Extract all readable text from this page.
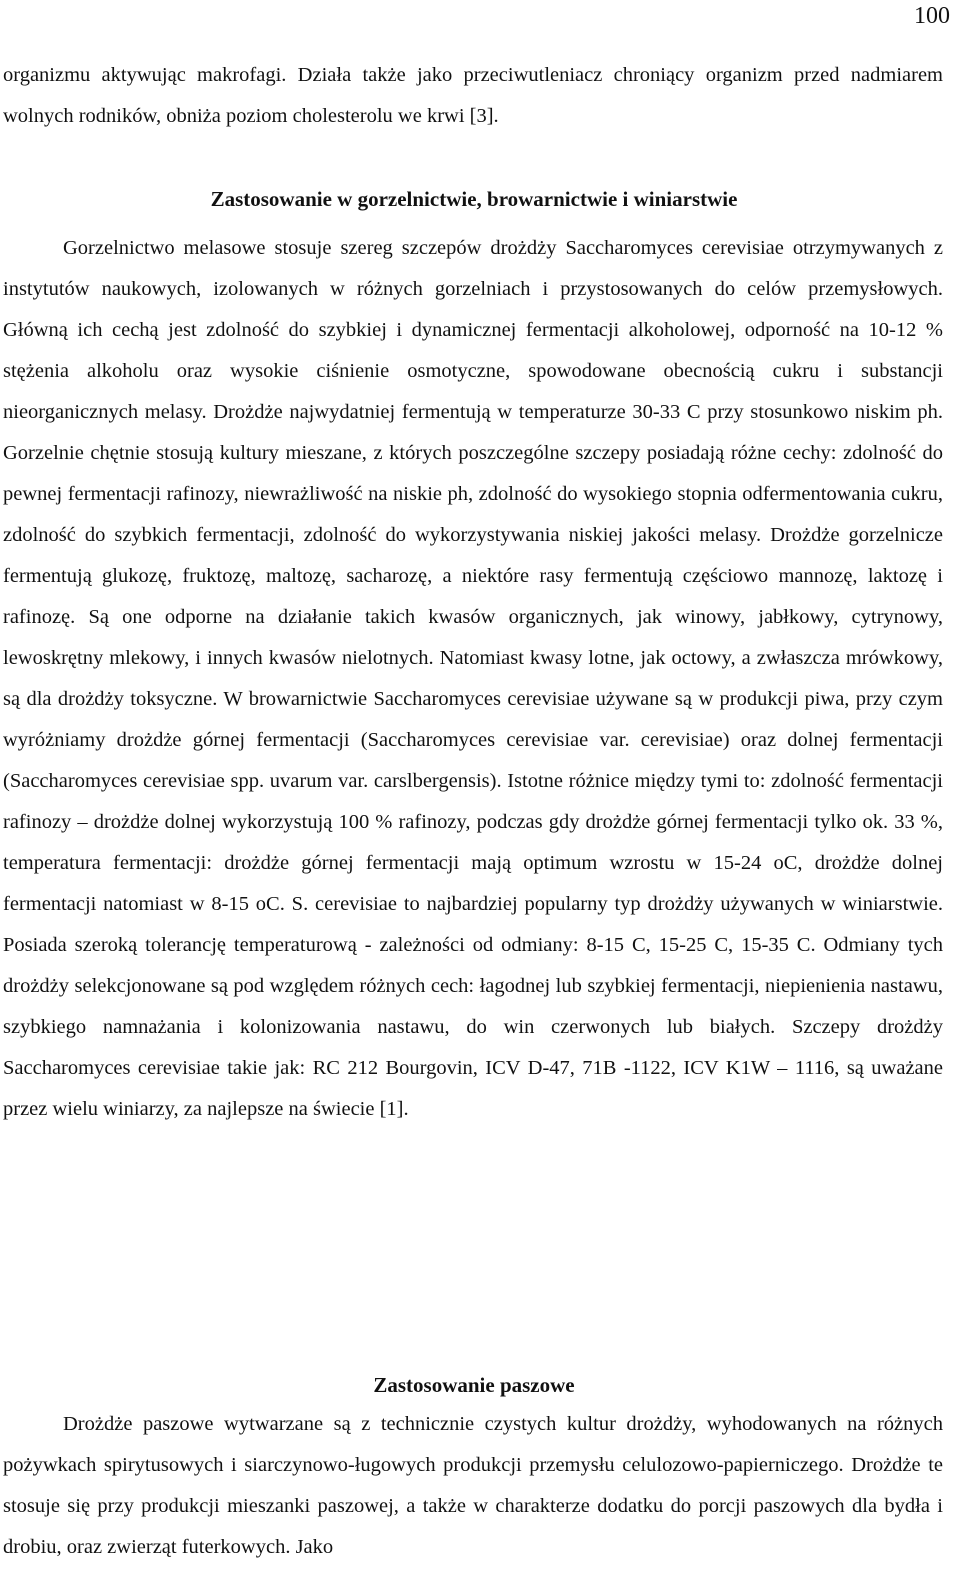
100

organizmu aktywując makrofagi. Działa także jako przeciwutleniacz chroniący organizm przed nadmiarem wolnych rodników, obniża poziom cholesterolu we krwi [3].

Zastosowanie w gorzelnictwie, browarnictwie i winiarstwie

Gorzelnictwo melasowe stosuje szereg szczepów drożdży Saccharomyces cerevisiae otrzymywanych z instytutów naukowych, izolowanych w różnych gorzelniach i przystosowanych do celów przemysłowych. Główną ich cechą jest zdolność do szybkiej i dynamicznej fermentacji alkoholowej, odporność na 10-12 % stężenia alkoholu oraz wysokie ciśnienie osmotyczne, spowodowane obecnością cukru i substancji nieorganicznych melasy. Drożdże najwydatniej fermentują w temperaturze 30-33 C przy stosunkowo niskim ph. Gorzelnie chętnie stosują kultury mieszane, z których poszczególne szczepy posiadają różne cechy: zdolność do pewnej fermentacji rafinozy, niewrażliwość na niskie ph, zdolność do wysokiego stopnia odfermentowania cukru, zdolność do szybkich fermentacji, zdolność do wykorzystywania niskiej jakości melasy. Drożdże gorzelnicze fermentują glukozę, fruktozę, maltozę, sacharozę, a niektóre rasy fermentują częściowo mannozę, laktozę i rafinozę. Są one odporne na działanie takich kwasów organicznych, jak winowy, jabłkowy, cytrynowy, lewoskrętny mlekowy, i innych kwasów nielotnych. Natomiast kwasy lotne, jak octowy, a zwłaszcza mrówkowy, są dla drożdży toksyczne. W browarnictwie Saccharomyces cerevisiae używane są w produkcji piwa, przy czym wyróżniamy drożdże górnej fermentacji (Saccharomyces cerevisiae var. cerevisiae) oraz dolnej fermentacji (Saccharomyces cerevisiae spp. uvarum var. carslbergensis). Istotne różnice między tymi to: zdolność fermentacji rafinozy – drożdże dolnej wykorzystują 100 % rafinozy, podczas gdy drożdże górnej fermentacji tylko ok. 33 %, temperatura fermentacji: drożdże górnej fermentacji mają optimum wzrostu w 15-24 oC, drożdże dolnej fermentacji natomiast w 8-15 oC. S. cerevisiae to najbardziej popularny typ drożdży używanych w winiarstwie. Posiada szeroką tolerancję temperaturową - zależności od odmiany: 8-15 C, 15-25 C, 15-35 C. Odmiany tych drożdży selekcjonowane są pod względem różnych cech: łagodnej lub szybkiej fermentacji, niepienienia nastawu, szybkiego namnażania i kolonizowania nastawu, do win czerwonych lub białych. Szczepy drożdży Saccharomyces cerevisiae takie jak: RC 212 Bourgovin, ICV D-47, 71B -1122, ICV K1W – 1116, są uważane przez wielu winiarzy, za najlepsze na świecie [1].

Zastosowanie paszowe

Drożdże paszowe wytwarzane są z technicznie czystych kultur drożdży, wyhodowanych na różnych pożywkach spirytusowych i siarczynowo-ługowych produkcji przemysłu celulozowo-papierniczego. Drożdże te stosuje się przy produkcji mieszanki paszowej, a także w charakterze dodatku do porcji paszowych dla bydła i drobiu, oraz zwierząt futerkowych. Jako
